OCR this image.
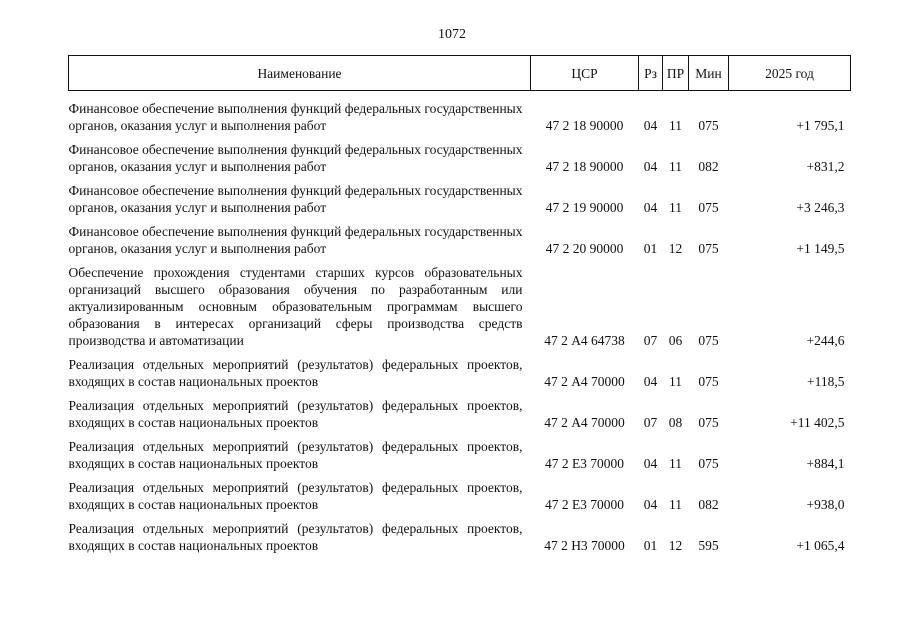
1072
Наименование	ЦСР	Рз	ПР	Мин	2025 год
Финансовое обеспечение выполнения функций федеральных государственных органов, оказания услуг и выполнения работ	47 2 18 90000	04	11	075	+1 795,1
Финансовое обеспечение выполнения функций федеральных государственных органов, оказания услуг и выполнения работ	47 2 18 90000	04	11	082	+831,2
Финансовое обеспечение выполнения функций федеральных государственных органов, оказания услуг и выполнения работ	47 2 19 90000	04	11	075	+3 246,3
Финансовое обеспечение выполнения функций федеральных государственных органов, оказания услуг и выполнения работ	47 2 20 90000	01	12	075	+1 149,5
Обеспечение прохождения студентами старших курсов образовательных организаций высшего образования обучения по разработанным или актуализированным основным образовательным программам высшего образования в интересах организаций сферы производства средств производства и автоматизации	47 2 А4 64738	07	06	075	+244,6
Реализация отдельных мероприятий (результатов) федеральных проектов, входящих в состав национальных проектов	47 2 А4 70000	04	11	075	+118,5
Реализация отдельных мероприятий (результатов) федеральных проектов, входящих в состав национальных проектов	47 2 А4 70000	07	08	075	+11 402,5
Реализация отдельных мероприятий (результатов) федеральных проектов, входящих в состав национальных проектов	47 2 Е3 70000	04	11	075	+884,1
Реализация отдельных мероприятий (результатов) федеральных проектов, входящих в состав национальных проектов	47 2 Е3 70000	04	11	082	+938,0
Реализация отдельных мероприятий (результатов) федеральных проектов, входящих в состав национальных проектов	47 2 Н3 70000	01	12	595	+1 065,4
